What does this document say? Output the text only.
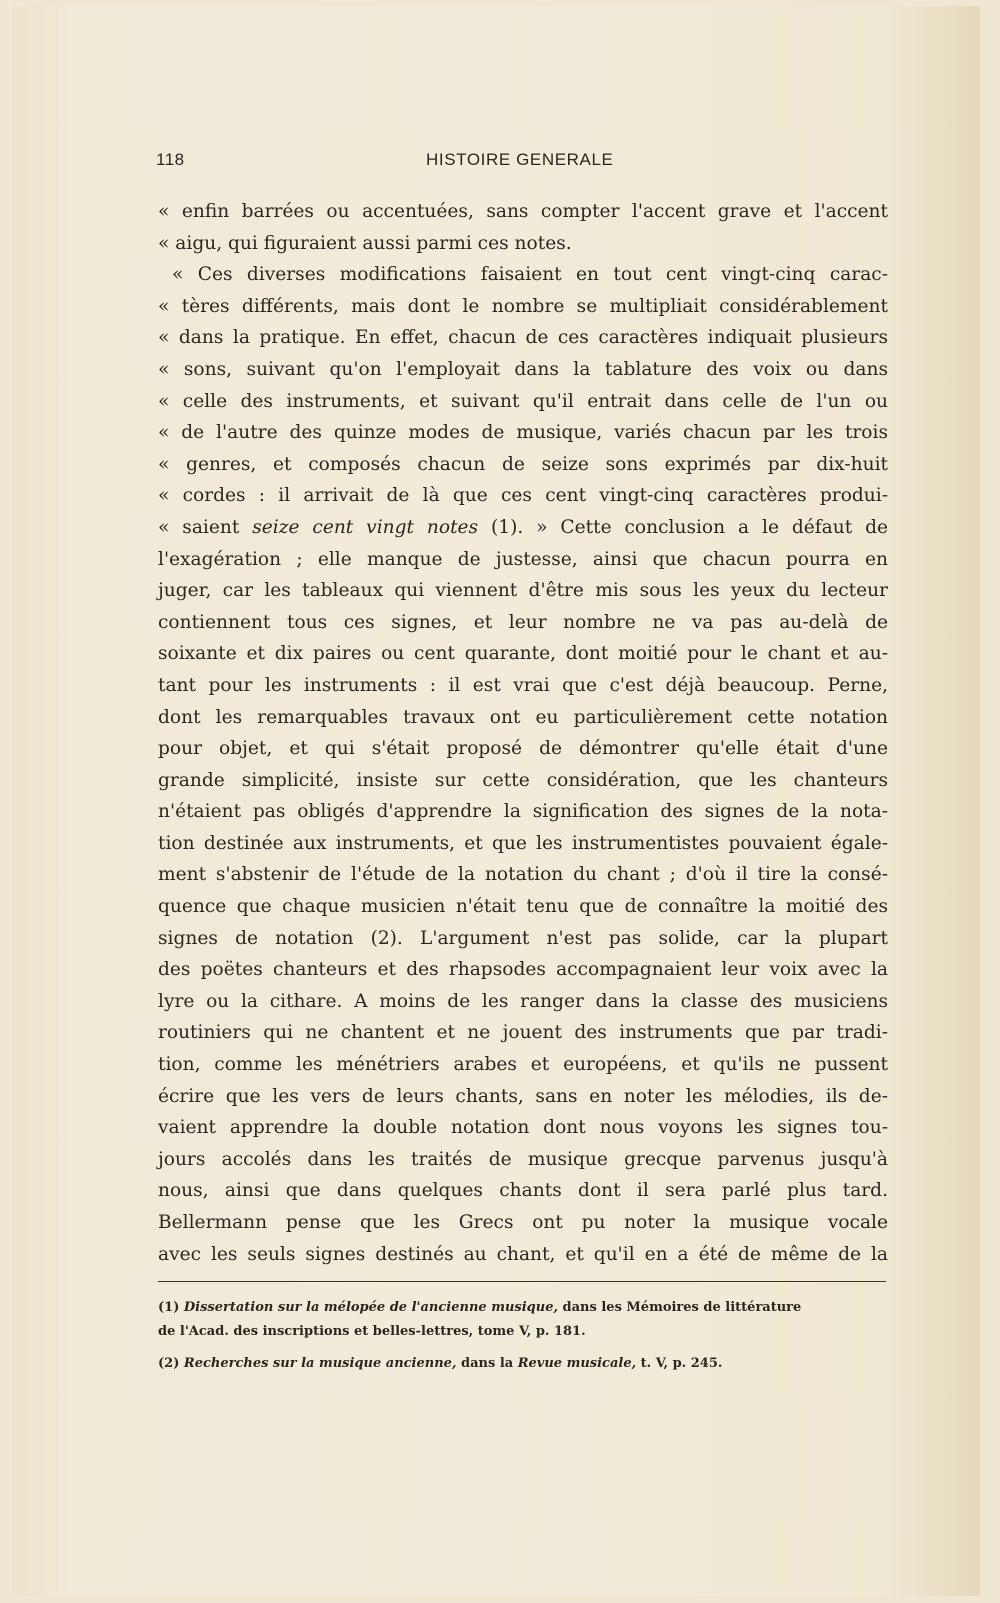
118	HISTOIRE GENERALE
« enfin barrées ou accentuées, sans compter l'accent grave et l'accent
« aigu, qui figuraient aussi parmi ces notes.
« Ces diverses modifications faisaient en tout cent vingt-cinq carac-
« tères différents, mais dont le nombre se multipliait considérablement
« dans la pratique. En effet, chacun de ces caractères indiquait plusieurs
« sons, suivant qu'on l'employait dans la tablature des voix ou dans
« celle des instruments, et suivant qu'il entrait dans celle de l'un ou
« de l'autre des quinze modes de musique, variés chacun par les trois
« genres, et composés chacun de seize sons exprimés par dix-huit
« cordes : il arrivait de là que ces cent vingt-cinq caractères produi-
« saient seize cent vingt notes (1). » Cette conclusion a le défaut de
l'exagération ; elle manque de justesse, ainsi que chacun pourra en
juger, car les tableaux qui viennent d'être mis sous les yeux du lecteur
contiennent tous ces signes, et leur nombre ne va pas au-delà de
soixante et dix paires ou cent quarante, dont moitié pour le chant et au-
tant pour les instruments : il est vrai que c'est déjà beaucoup. Perne,
dont les remarquables travaux ont eu particulièrement cette notation
pour objet, et qui s'était proposé de démontrer qu'elle était d'une
grande simplicité, insiste sur cette considération, que les chanteurs
n'étaient pas obligés d'apprendre la signification des signes de la nota-
tion destinée aux instruments, et que les instrumentistes pouvaient égale-
ment s'abstenir de l'étude de la notation du chant ; d'où il tire la consé-
quence que chaque musicien n'était tenu que de connaître la moitié des
signes de notation (2). L'argument n'est pas solide, car la plupart
des poëtes chanteurs et des rhapsodes accompagnaient leur voix avec la
lyre ou la cithare. A moins de les ranger dans la classe des musiciens
routiniers qui ne chantent et ne jouent des instruments que par tradi-
tion, comme les ménétriers arabes et européens, et qu'ils ne pussent
écrire que les vers de leurs chants, sans en noter les mélodies, ils de-
vaient apprendre la double notation dont nous voyons les signes tou-
jours accolés dans les traités de musique grecque parvenus jusqu'à
nous, ainsi que dans quelques chants dont il sera parlé plus tard.
Bellermann pense que les Grecs ont pu noter la musique vocale
avec les seuls signes destinés au chant, et qu'il en a été de même de la
(1) Dissertation sur la mélopée de l'ancienne musique, dans les Mémoires de littérature
de l'Acad. des inscriptions et belles-lettres, tome V, p. 181.
(2) Recherches sur la musique ancienne, dans la Revue musicale, t. V, p. 245.
